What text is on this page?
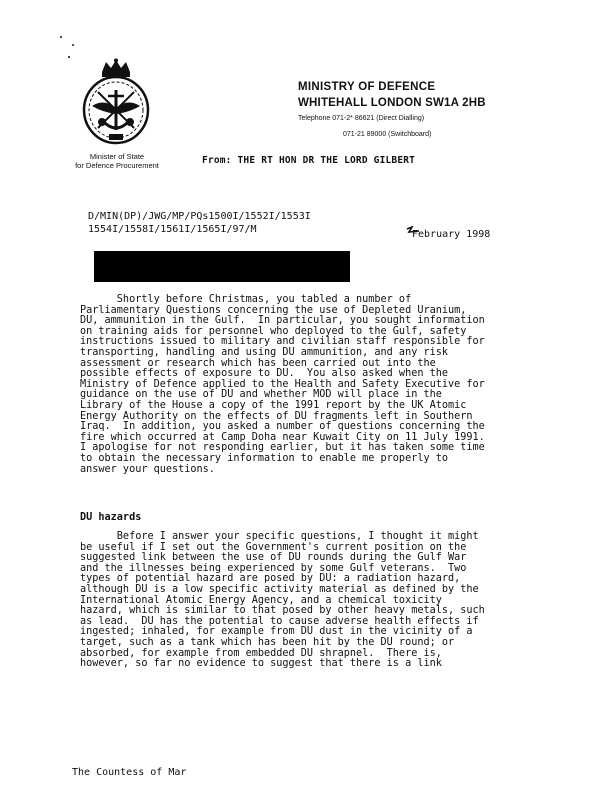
MINISTRY OF DEFENCE
WHITEHALL LONDON SW1A 2HB
Telephone 071-2* 86621 (Direct Dialling)
071-21 89000 (Switchboard)
Minister of State
for Defence Procurement	From: THE RT HON DR THE LORD GILBERT
D/MIN(DP)/JWG/MP/PQs1500I/1552I/1553I
1554I/1558I/1561I/1565I/97/M	February 1998
Shortly before Christmas, you tabled a number of
Parliamentary Questions concerning the use of Depleted Uranium,
DU, ammunition in the Gulf.  In particular, you sought information
on training aids for personnel who deployed to the Gulf, safety
instructions issued to military and civilian staff responsible for
transporting, handling and using DU ammunition, and any risk
assessment or research which has been carried out into the
possible effects of exposure to DU.  You also asked when the
Ministry of Defence applied to the Health and Safety Executive for
guidance on the use of DU and whether MOD will place in the
Library of the House a copy of the 1991 report by the UK Atomic
Energy Authority on the effects of DU fragments left in Southern
Iraq.  In addition, you asked a number of questions concerning the
fire which occurred at Camp Doha near Kuwait City on 11 July 1991.
I apologise for not responding earlier, but it has taken some time
to obtain the necessary information to enable me properly to
answer your questions.
DU hazards
Before I answer your specific questions, I thought it might
be useful if I set out the Government's current position on the
suggested link between the use of DU rounds during the Gulf War
and the illnesses being experienced by some Gulf veterans.  Two
types of potential hazard are posed by DU: a radiation hazard,
although DU is a low specific activity material as defined by the
International Atomic Energy Agency, and a chemical toxicity
hazard, which is similar to that posed by other heavy metals, such
as lead.  DU has the potential to cause adverse health effects if
ingested; inhaled, for example from DU dust in the vicinity of a
target, such as a tank which has been hit by the DU round; or
absorbed, for example from embedded DU shrapnel.  There is,
however, so far no evidence to suggest that there is a link
The Countess of Mar
